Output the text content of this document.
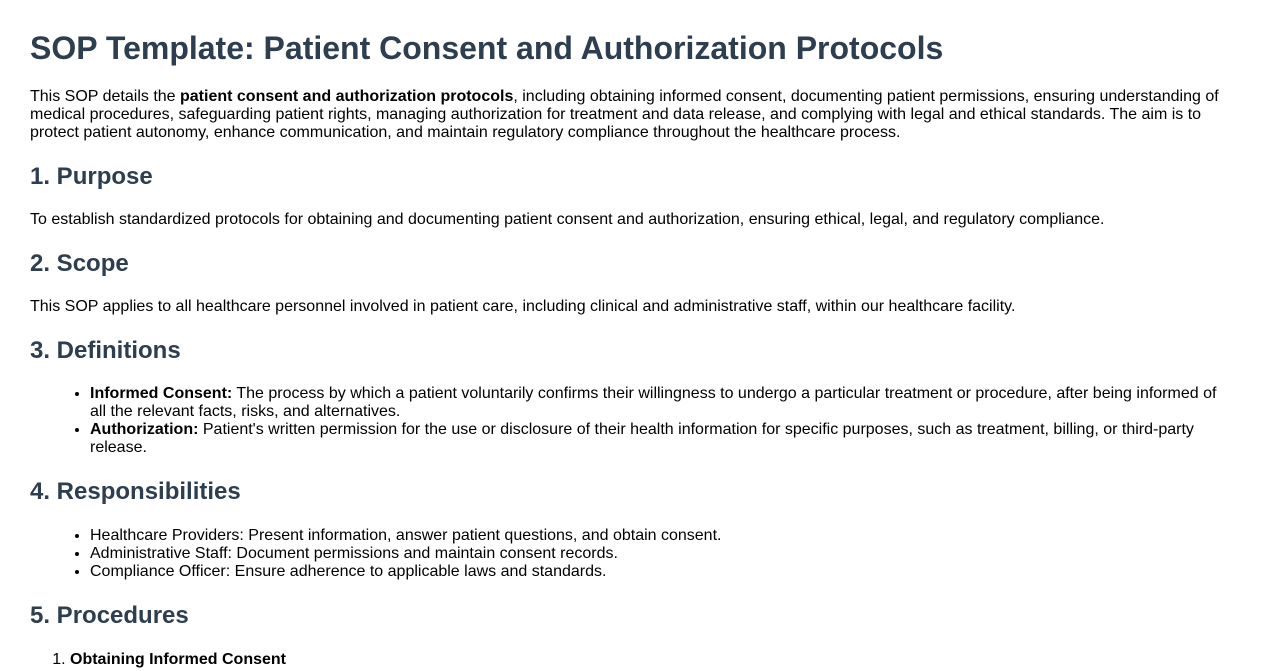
SOP Template: Patient Consent and Authorization Protocols

This SOP details the patient consent and authorization protocols, including obtaining informed consent, documenting patient permissions, ensuring understanding of medical procedures, safeguarding patient rights, managing authorization for treatment and data release, and complying with legal and ethical standards. The aim is to protect patient autonomy, enhance communication, and maintain regulatory compliance throughout the healthcare process.

1. Purpose

To establish standardized protocols for obtaining and documenting patient consent and authorization, ensuring ethical, legal, and regulatory compliance.

2. Scope

This SOP applies to all healthcare personnel involved in patient care, including clinical and administrative staff, within our healthcare facility.

3. Definitions
• Informed Consent: The process by which a patient voluntarily confirms their willingness to undergo a particular treatment or procedure, after being informed of all the relevant facts, risks, and alternatives.
• Authorization: Patient's written permission for the use or disclosure of their health information for specific purposes, such as treatment, billing, or third-party release.
4. Responsibilities
• Healthcare Providers: Present information, answer patient questions, and obtain consent.
• Administrative Staff: Document permissions and maintain consent records.
• Compliance Officer: Ensure adherence to applicable laws and standards.
5. Procedures
1. Obtaining Informed Consent
